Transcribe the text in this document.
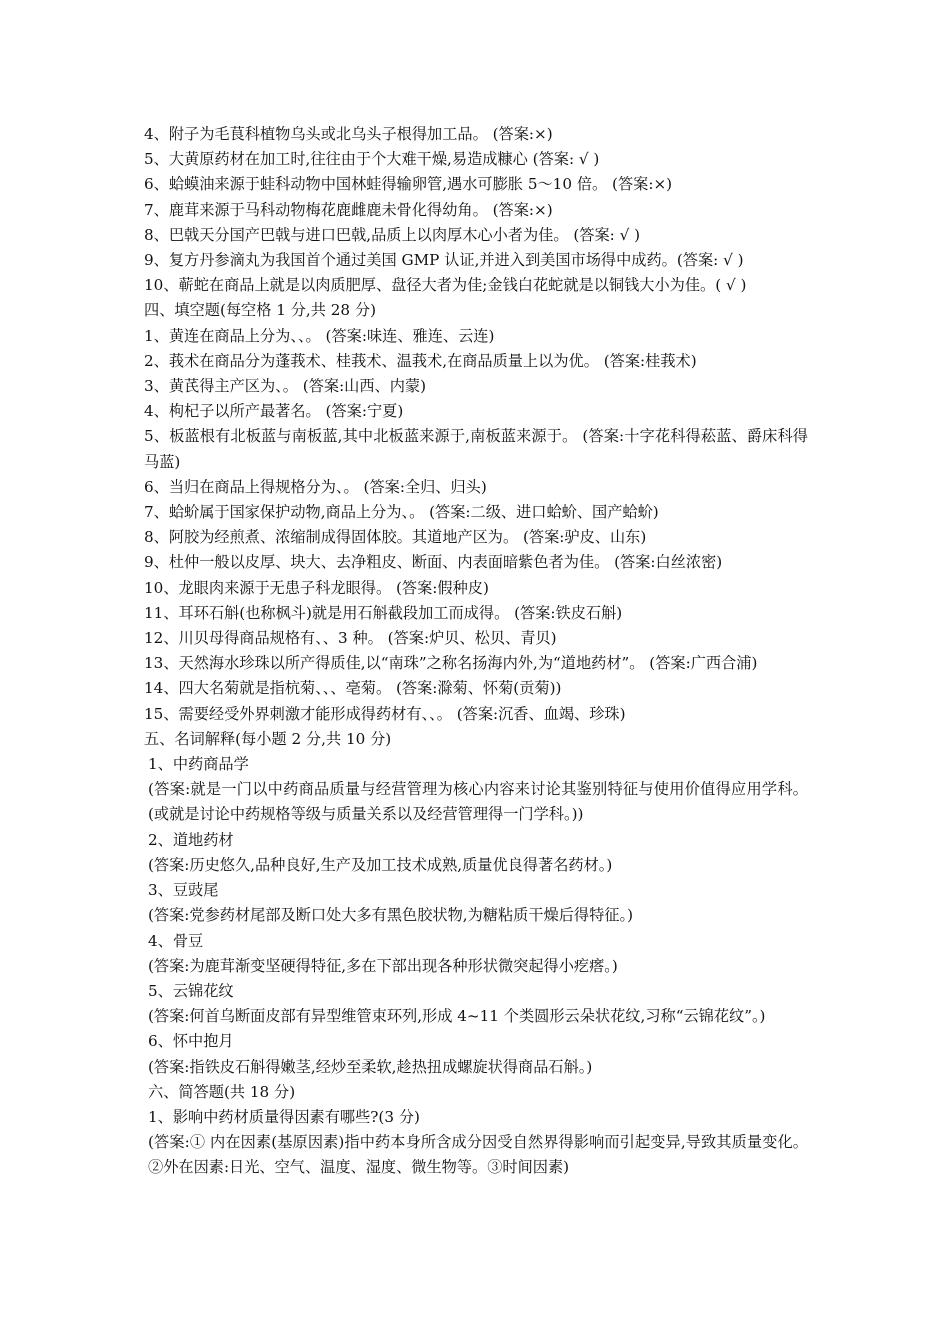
4、附子为毛茛科植物乌头或北乌头子根得加工品。 (答案:×)
5、大黄原药材在加工时,往往由于个大难干燥,易造成糠心 (答案: √ )
6、蛤蟆油来源于蛙科动物中国林蛙得输卵管,遇水可膨胀 5～10 倍。 (答案:×)
7、鹿茸来源于马科动物梅花鹿雌鹿未骨化得幼角。 (答案:×)
8、巴戟天分国产巴戟与进口巴戟,品质上以肉厚木心小者为佳。 (答案: √ )
9、复方丹参滴丸为我国首个通过美国 GMP 认证,并进入到美国市场得中成药。(答案: √ )
10、蕲蛇在商品上就是以肉质肥厚、盘径大者为佳;金钱白花蛇就是以铜钱大小为佳。( √ )
四、填空题(每空格 1 分,共 28 分)
1、黄连在商品上分为、、。 (答案:味连、雅连、云连)
2、莪术在商品分为蓬莪术、桂莪术、温莪术,在商品质量上以为优。 (答案:桂莪术)
3、黄芪得主产区为、。 (答案:山西、内蒙)
4、枸杞子以所产最著名。 (答案:宁夏)
5、板蓝根有北板蓝与南板蓝,其中北板蓝来源于,南板蓝来源于。 (答案:十字花科得菘蓝、爵床科得马蓝)
6、当归在商品上得规格分为、。 (答案:全归、归头)
7、蛤蚧属于国家保护动物,商品上分为、。 (答案:二级、进口蛤蚧、国产蛤蚧)
8、阿胶为经煎煮、浓缩制成得固体胶。其道地产区为。 (答案:驴皮、山东)
9、杜仲一般以皮厚、块大、去净粗皮、断面、内表面暗紫色者为佳。 (答案:白丝浓密)
10、龙眼肉来源于无患子科龙眼得。 (答案:假种皮)
11、耳环石斛(也称枫斗)就是用石斛截段加工而成得。 (答案:铁皮石斛)
12、川贝母得商品规格有、、3 种。 (答案:炉贝、松贝、青贝)
13、天然海水珍珠以所产得质佳,以“南珠”之称名扬海内外,为“道地药材”。 (答案:广西合浦)
14、四大名菊就是指杭菊、、、亳菊。 (答案:滁菊、怀菊(贡菊))
15、需要经受外界刺激才能形成得药材有、、。 (答案:沉香、血竭、珍珠)
五、名词解释(每小题 2 分,共 10 分)
1、中药商品学
(答案:就是一门以中药商品质量与经营管理为核心内容来讨论其鉴别特征与使用价值得应用学科。(或就是讨论中药规格等级与质量关系以及经营管理得一门学科。))
2、道地药材
(答案:历史悠久,品种良好,生产及加工技术成熟,质量优良得著名药材。)
3、豆豉尾
(答案:党参药材尾部及断口处大多有黑色胶状物,为糖粘质干燥后得特征。)
4、骨豆
(答案:为鹿茸渐变坚硬得特征,多在下部出现各种形状微突起得小疙瘩。)
5、云锦花纹
(答案:何首乌断面皮部有异型维管束环列,形成 4~11 个类圆形云朵状花纹,习称“云锦花纹”。)
6、怀中抱月
(答案:指铁皮石斛得嫩茎,经炒至柔软,趁热扭成螺旋状得商品石斛。)
六、简答题(共 18 分)
1、影响中药材质量得因素有哪些?(3 分)
(答案:① 内在因素(基原因素)指中药本身所含成分因受自然界得影响而引起变异,导致其质量变化。②外在因素:日光、空气、温度、湿度、微生物等。③时间因素)
